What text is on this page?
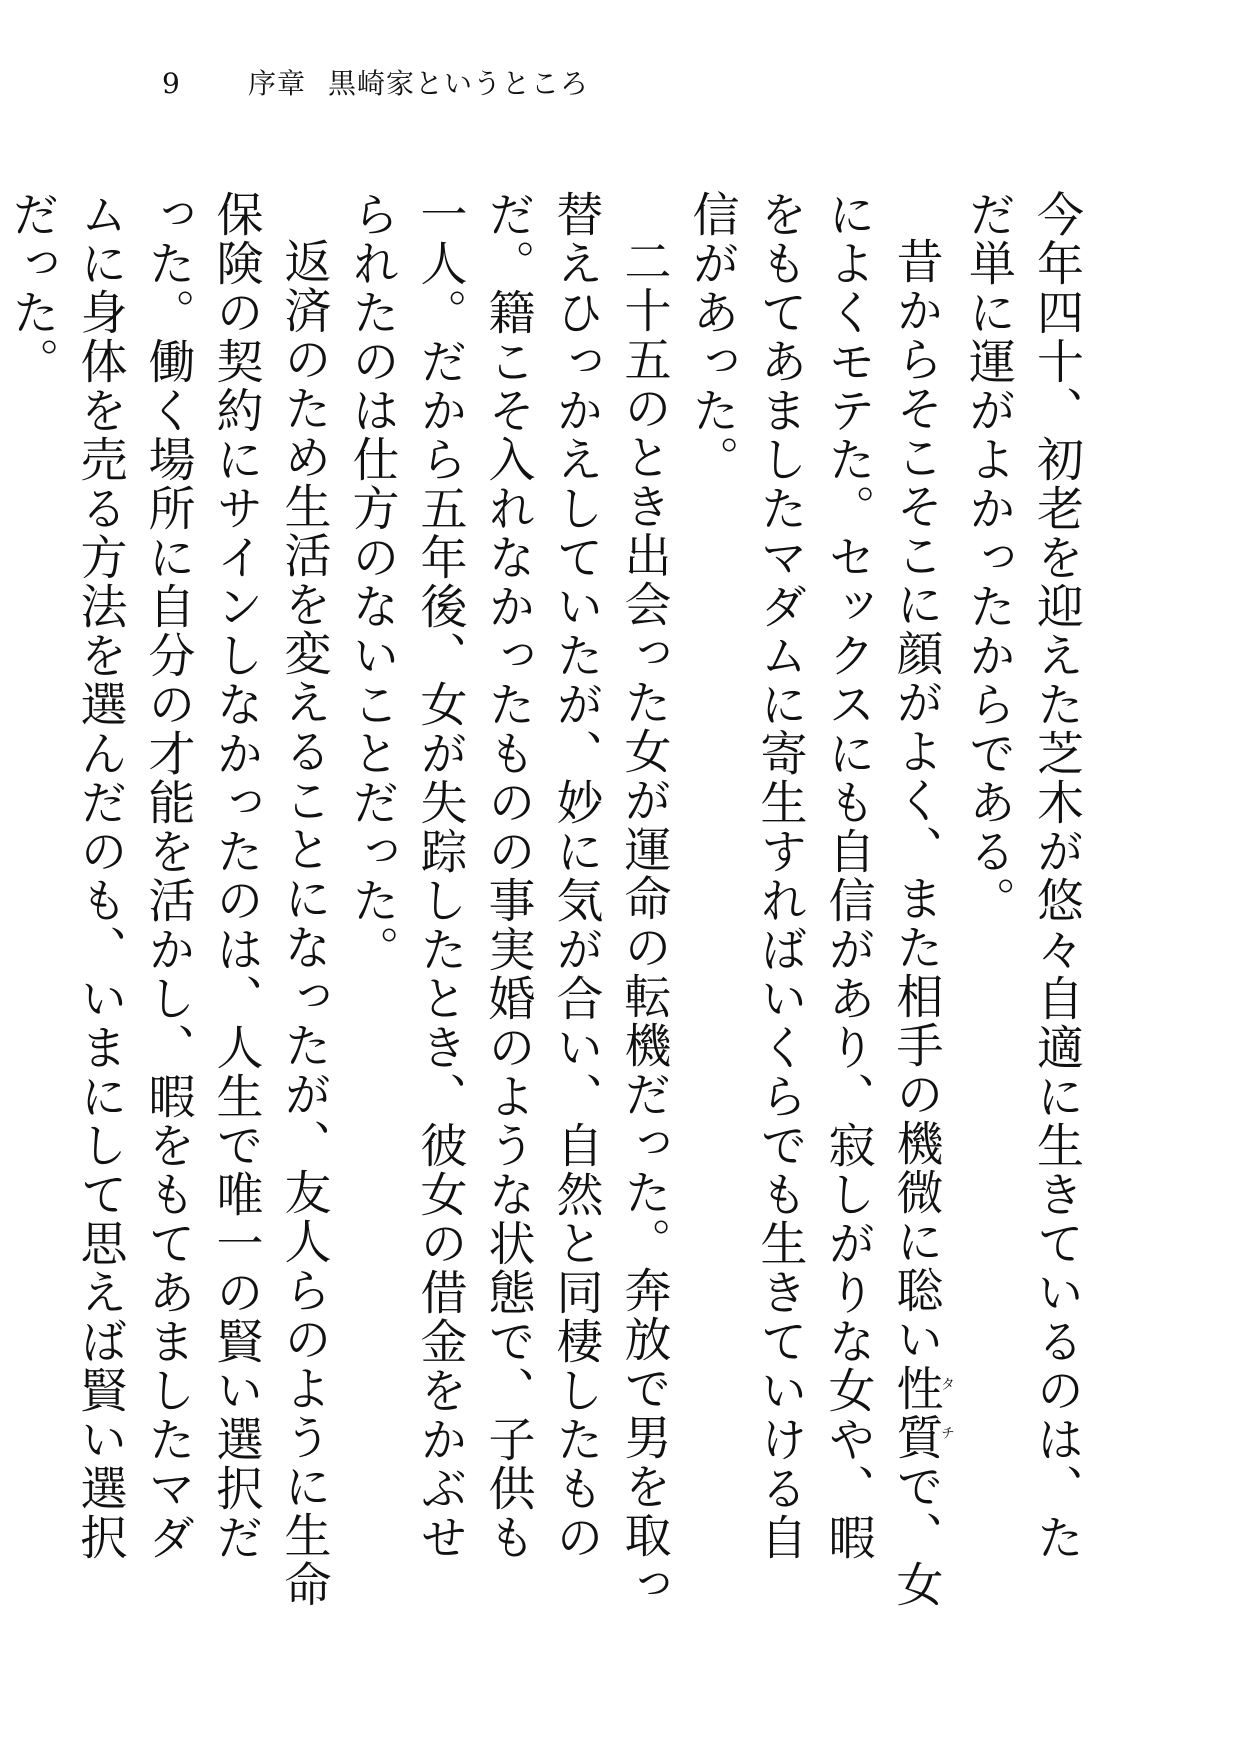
9	序章 黒崎家というところ

今年四十、初老を迎えた芝木が悠々自適に生きているのは、ただ単に運がよかったからである。

昔からそこそこに顔がよく、また相手の機微に聡い性質タチで、女によくモテた。セックスにも自信があり、寂しがりな女や、暇をもてあましたマダムに寄生すればいくらでも生きていける自信があった。

二十五のとき出会った女が運命の転機だった。奔放で男を取っ替えひっかえしていたが、妙に気が合い、自然と同棲したものだ。籍こそ入れなかったものの事実婚のような状態で、子供も一人。だから五年後、女が失踪したとき、彼女の借金をかぶせられたのは仕方のないことだった。

返済のため生活を変えることになったが、友人らのように生命保険の契約にサインしなかったのは、人生で唯一の賢い選択だった。働く場所に自分の才能を活かし、暇をもてあましたマダムに身体を売る方法を選んだのも、いまにして思えば賢い選択だった。
